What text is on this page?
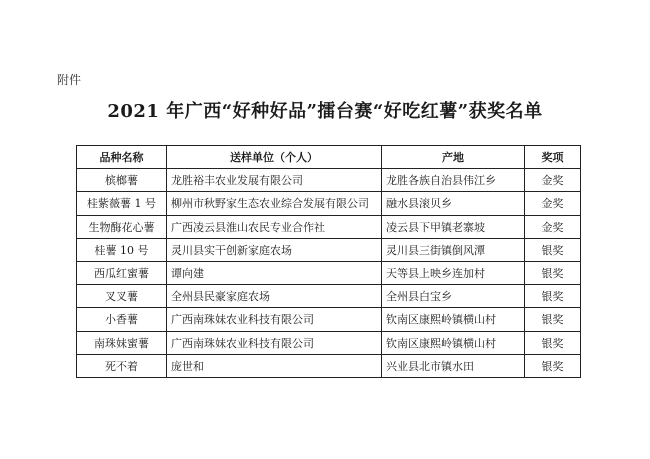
附件
2021 年广西“好种好品”擂台赛“好吃红薯”获奖名单
品种名称	送样单位（个人）	产地	奖项
槟榔薯	龙胜裕丰农业发展有限公司	龙胜各族自治县伟江乡	金奖
桂紫薇薯 1 号	柳州市秋野家生态农业综合发展有限公司	融水县滚贝乡	金奖
生物酶花心薯	广西凌云县淮山农民专业合作社	凌云县下甲镇老寨坡	金奖
桂薯 10 号	灵川县实干创新家庭农场	灵川县三街镇倒风潭	银奖
西瓜红蜜薯	谭向建	天等县上映乡连加村	银奖
叉叉薯	全州县民豪家庭农场	全州县白宝乡	银奖
小香薯	广西南珠妹农业科技有限公司	钦南区康熙岭镇横山村	银奖
南珠妹蜜薯	广西南珠妹农业科技有限公司	钦南区康熙岭镇横山村	银奖
死不着	庞世和	兴业县北市镇水田	银奖
